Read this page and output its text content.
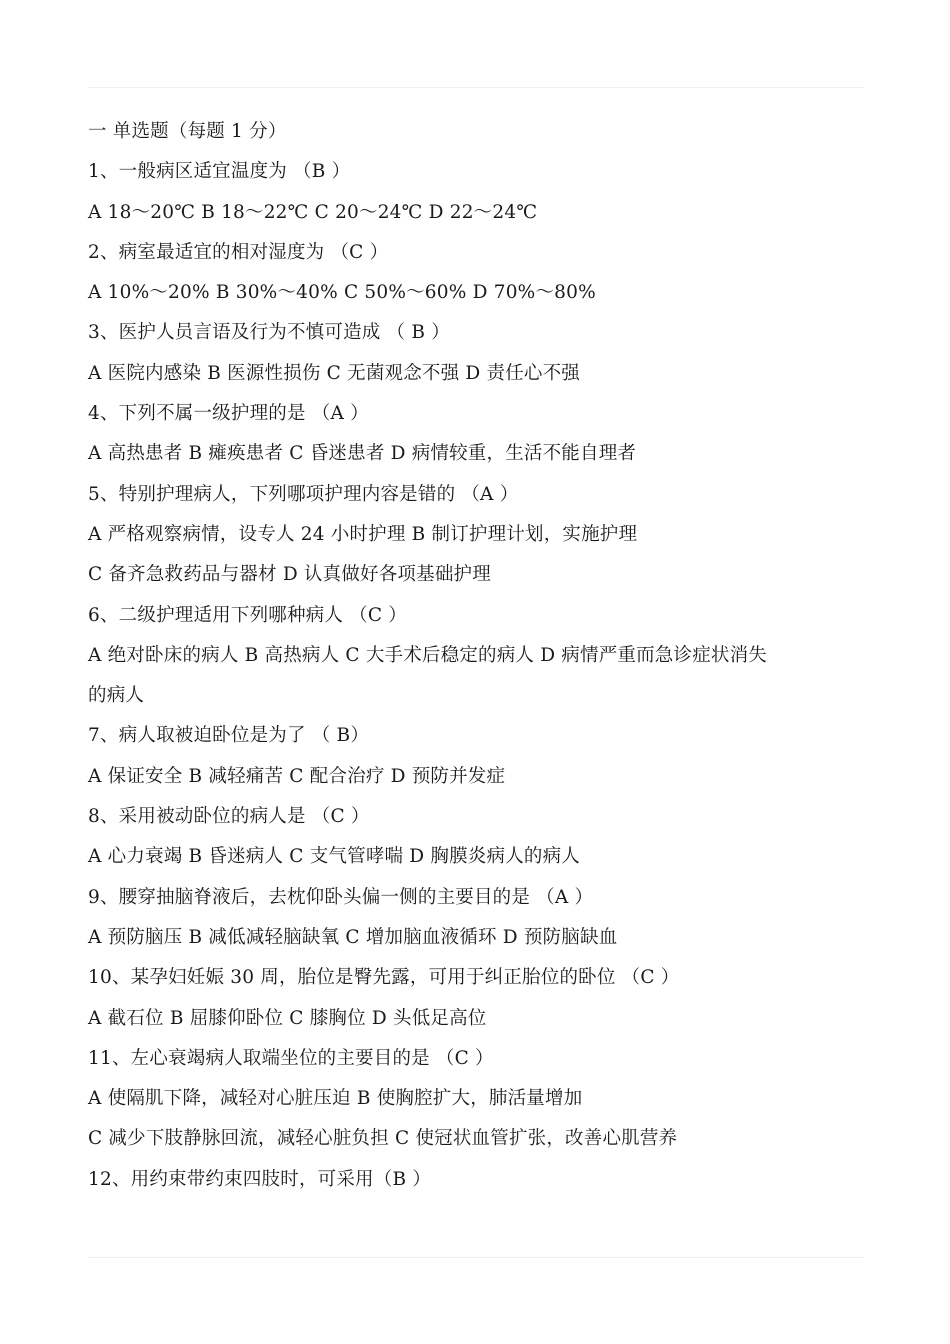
一 单选题（每题 1 分）
1、一般病区适宜温度为 （B ）
A 18～20℃ B 18～22℃ C 20～24℃ D 22～24℃
2、病室最适宜的相对湿度为 （C ）
A 10%～20% B 30%～40% C 50%～60% D 70%～80%
3、医护人员言语及行为不慎可造成 （ B ）
A 医院内感染 B 医源性损伤 C 无菌观念不强 D 责任心不强
4、下列不属一级护理的是 （A ）
A 高热患者 B 瘫痪患者 C 昏迷患者 D 病情较重，生活不能自理者
5、特别护理病人，下列哪项护理内容是错的 （A ）
A 严格观察病情，设专人 24 小时护理 B 制订护理计划，实施护理
C 备齐急救药品与器材 D 认真做好各项基础护理
6、二级护理适用下列哪种病人 （C ）
A 绝对卧床的病人 B 高热病人 C 大手术后稳定的病人 D 病情严重而急诊症状消失
的病人
7、病人取被迫卧位是为了 （ B）
A 保证安全 B 减轻痛苦 C 配合治疗 D 预防并发症
8、采用被动卧位的病人是 （C ）
A 心力衰竭 B 昏迷病人 C 支气管哮喘 D 胸膜炎病人的病人
9、腰穿抽脑脊液后，去枕仰卧头偏一侧的主要目的是 （A ）
A 预防脑压 B 减低减轻脑缺氧 C 增加脑血液循环 D 预防脑缺血
10、某孕妇妊娠 30 周，胎位是臀先露，可用于纠正胎位的卧位 （C ）
A 截石位 B 屈膝仰卧位 C 膝胸位 D 头低足高位
11、左心衰竭病人取端坐位的主要目的是 （C ）
A 使隔肌下降，减轻对心脏压迫 B 使胸腔扩大，肺活量增加
C 减少下肢静脉回流，减轻心脏负担 C 使冠状血管扩张，改善心肌营养
12、用约束带约束四肢时，可采用（B ）
